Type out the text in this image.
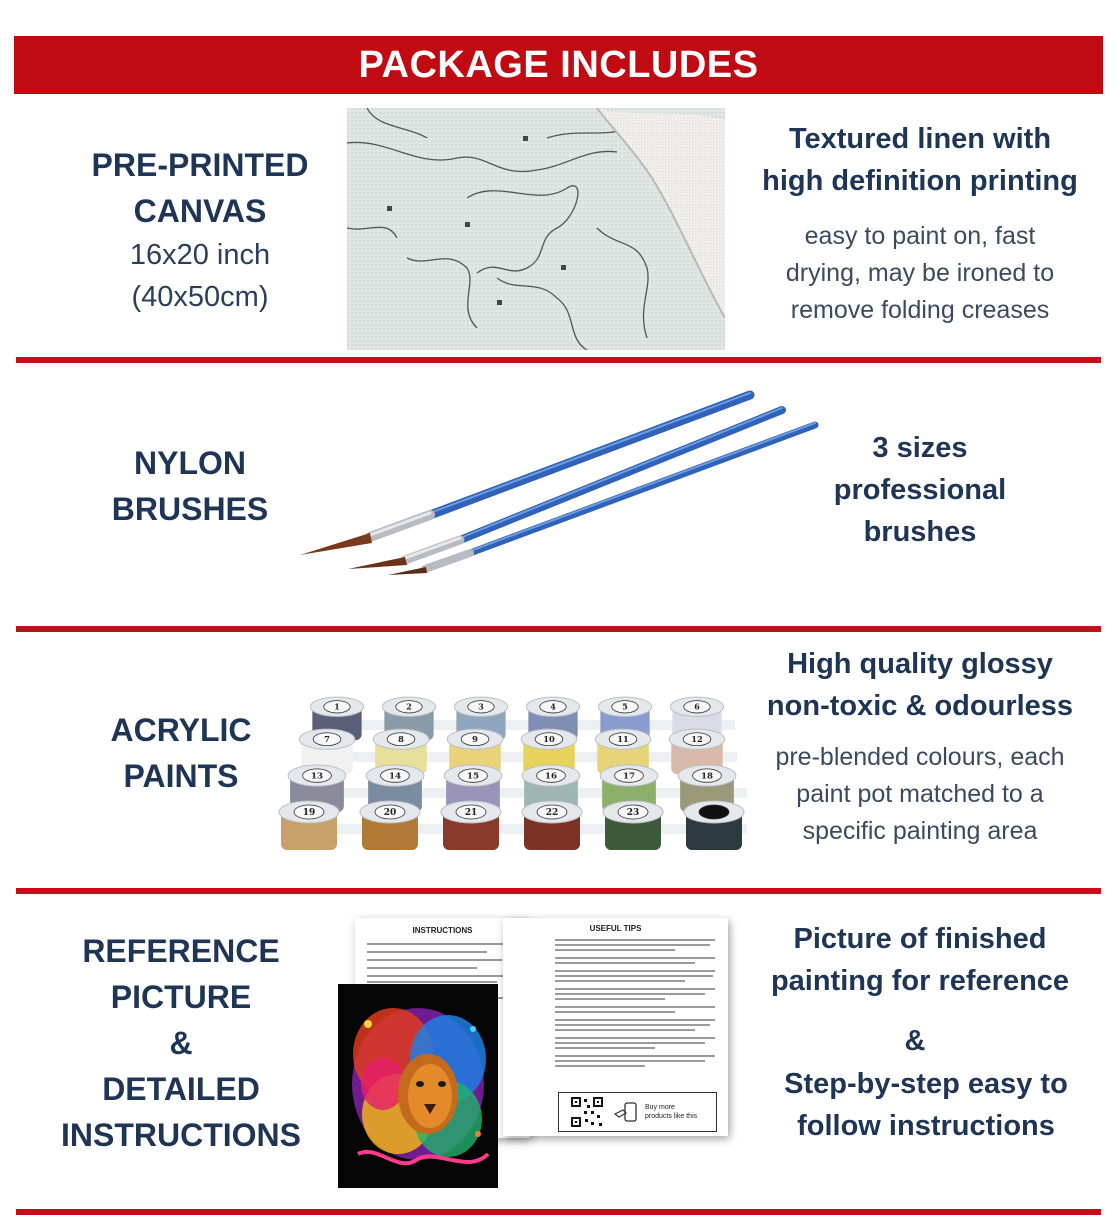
PACKAGE INCLUDES
PRE-PRINTED
CANVAS
16x20 inch
(40x50cm)
Textured linen with
high definition printing
easy to paint on, fast
drying, may be ironed to
remove folding creases
NYLON
BRUSHES
3 sizes
professional
brushes
ACRYLIC
PAINTS
1	2	3	4	5	6
7	8	9	10	11	12
13	14	15	16	17	18
19	20	21	22	23
High quality glossy
non-toxic & odourless
pre-blended colours, each
paint pot matched to a
specific painting area
REFERENCE
PICTURE
&
DETAILED
INSTRUCTIONS
INSTRUCTIONS	USEFUL TIPS
Buy more
products like this
Picture of finished
painting for reference
&
Step-by-step easy to
follow instructions
